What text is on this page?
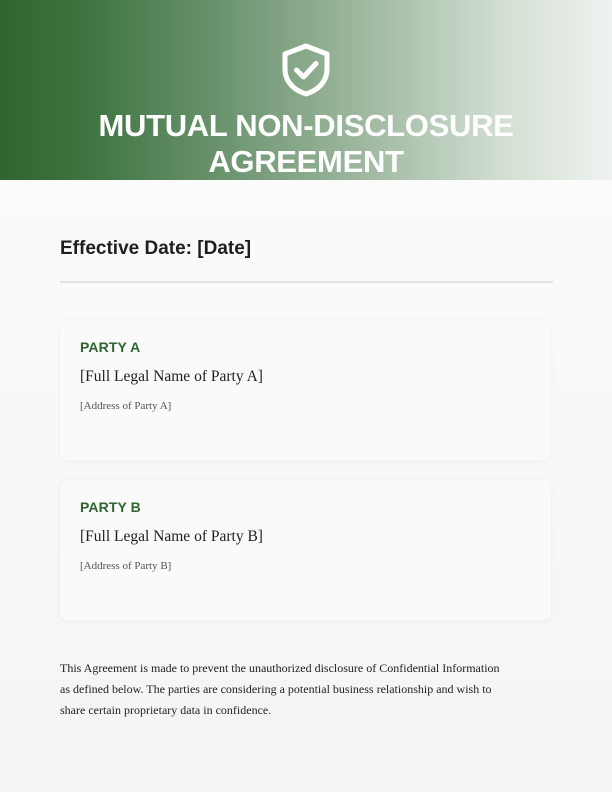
MUTUAL NON-DISCLOSURE
AGREEMENT

Effective Date: [Date]

PARTY A
[Full Legal Name of Party A]
[Address of Party A]
PARTY B
[Full Legal Name of Party B]
[Address of Party B]

This Agreement is made to prevent the unauthorized disclosure of Confidential Information
as defined below. The parties are considering a potential business relationship and wish to
share certain proprietary data in confidence.
